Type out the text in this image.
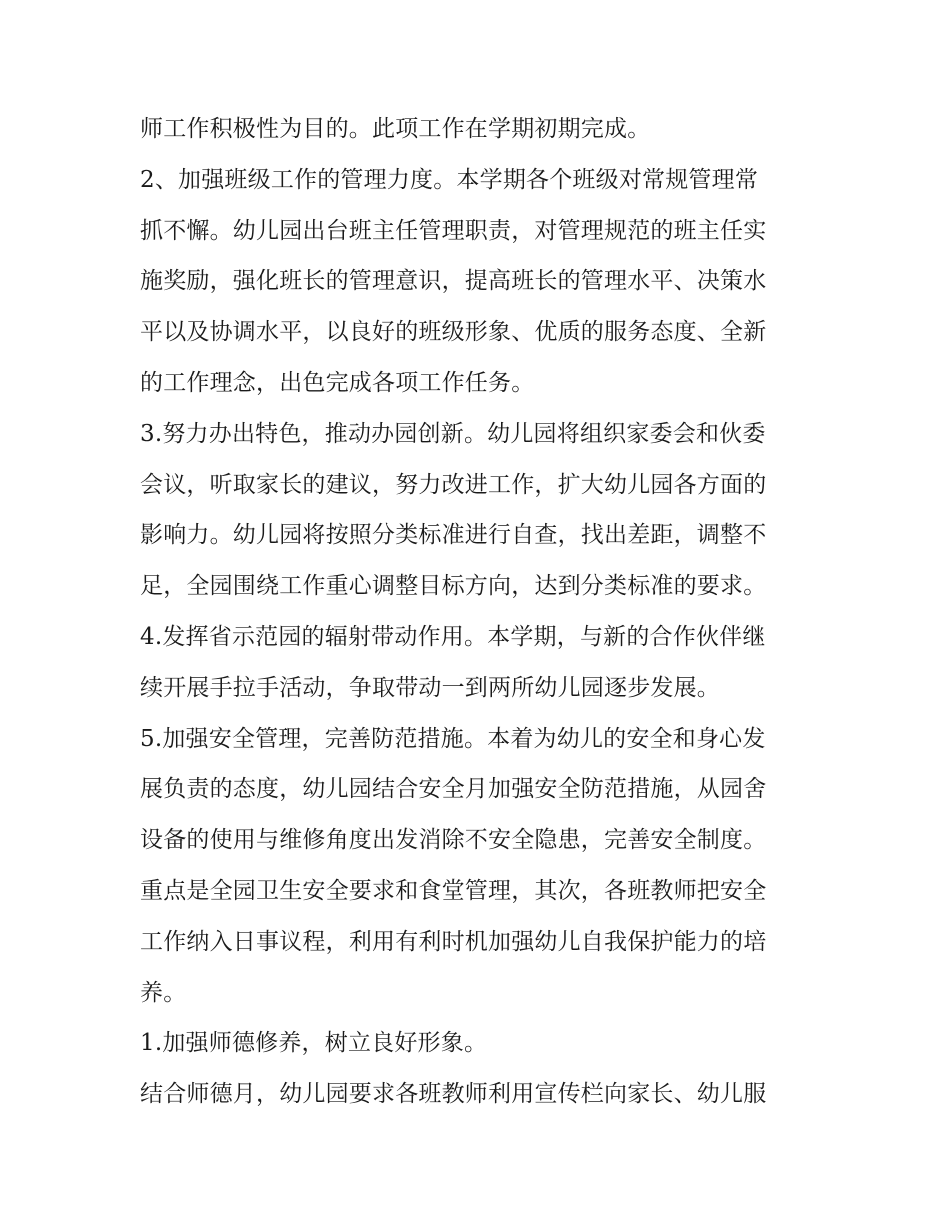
师工作积极性为目的。此项工作在学期初期完成。
2、加强班级工作的管理力度。本学期各个班级对常规管理常
抓不懈。幼儿园出台班主任管理职责，对管理规范的班主任实
施奖励，强化班长的管理意识，提高班长的管理水平、决策水
平以及协调水平，以良好的班级形象、优质的服务态度、全新
的工作理念，出色完成各项工作任务。
3.努力办出特色，推动办园创新。幼儿园将组织家委会和伙委
会议，听取家长的建议，努力改进工作，扩大幼儿园各方面的
影响力。幼儿园将按照分类标准进行自查，找出差距，调整不
足，全园围绕工作重心调整目标方向，达到分类标准的要求。
4.发挥省示范园的辐射带动作用。本学期，与新的合作伙伴继
续开展手拉手活动，争取带动一到两所幼儿园逐步发展。
5.加强安全管理，完善防范措施。本着为幼儿的安全和身心发
展负责的态度，幼儿园结合安全月加强安全防范措施，从园舍
设备的使用与维修角度出发消除不安全隐患，完善安全制度。
重点是全园卫生安全要求和食堂管理，其次，各班教师把安全
工作纳入日事议程，利用有利时机加强幼儿自我保护能力的培
养。
1.加强师德修养，树立良好形象。
结合师德月，幼儿园要求各班教师利用宣传栏向家长、幼儿服
